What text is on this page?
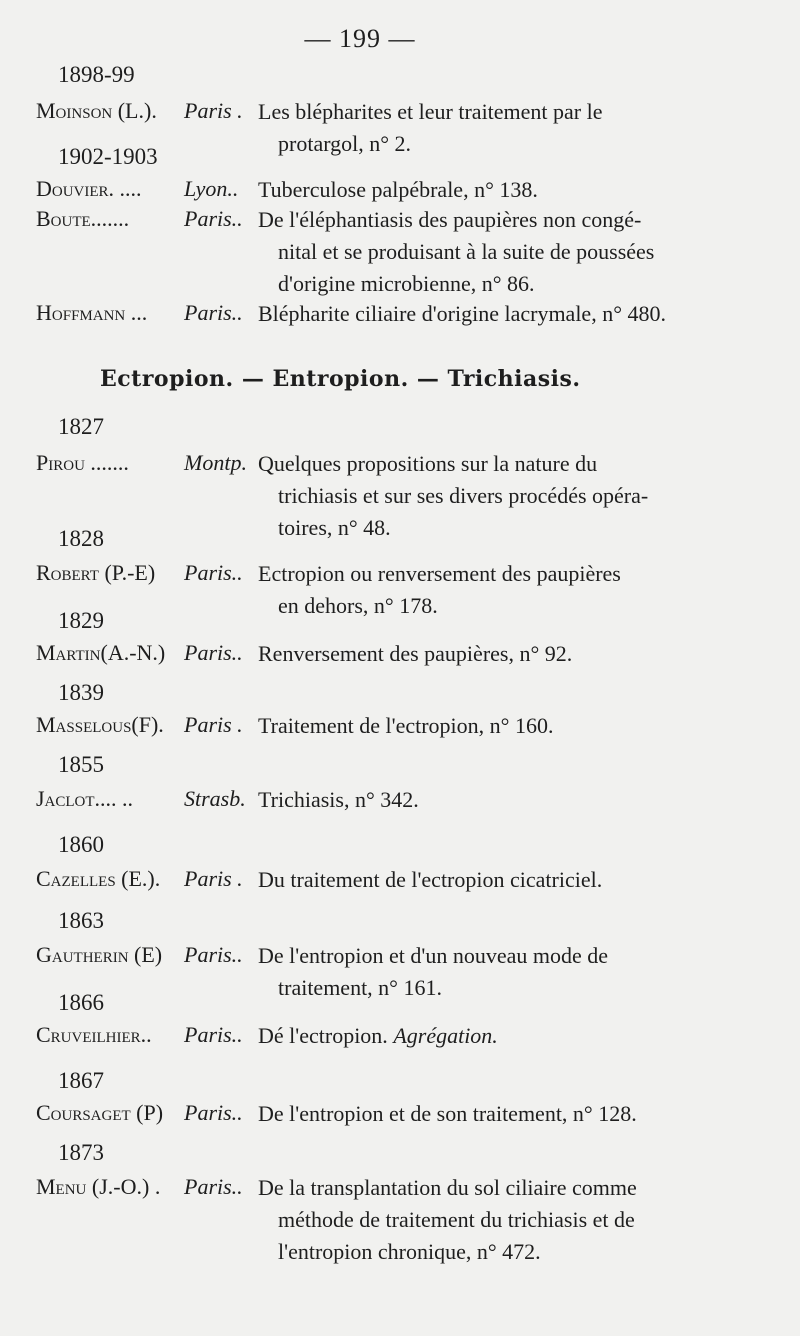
— 199 —
1898-99
Moinson (L.). Paris . Les blépharites et leur traitement par le
protargol, n° 2.
1902-1903
Douvier. .... Lyon.. Tuberculose palpébrale, n° 138.
Boute....... Paris.. De l'éléphantiasis des paupières non congé-
nital et se produisant à la suite de poussées
d'origine microbienne, n° 86.
Hoffmann ... Paris.. Blépharite ciliaire d'origine lacrymale, n° 480.
Ectropion. — Entropion. — Trichiasis.
1827
Pirou .......	Montp. Quelques propositions sur la nature du
trichiasis et sur ses divers procédés opéra-
toires, n° 48.
1828
Robert (P.-E) Paris.. Ectropion ou renversement des paupières
en dehors, n° 178.
1829
Martin(A.-N.) Paris.. Renversement des paupières, n° 92.
1839
Masselous(F). Paris . Traitement de l'ectropion, n° 160.
1855
Jaclot.... .. Strasb. Trichiasis, n° 342.
1860
Cazelles (E.). Paris . Du traitement de l'ectropion cicatriciel.
1863
Gautherin (E) Paris.. De l'entropion et d'un nouveau mode de
traitement, n° 161.
1866
Cruveilhier.. Paris.. Dé l'ectropion. Agrégation.
1867
Coursaget (P) Paris.. De l'entropion et de son traitement, n° 128.
1873
Menu (J.-O.) . Paris.. De la transplantation du sol ciliaire comme
méthode de traitement du trichiasis et de
l'entropion chronique, n° 472.
